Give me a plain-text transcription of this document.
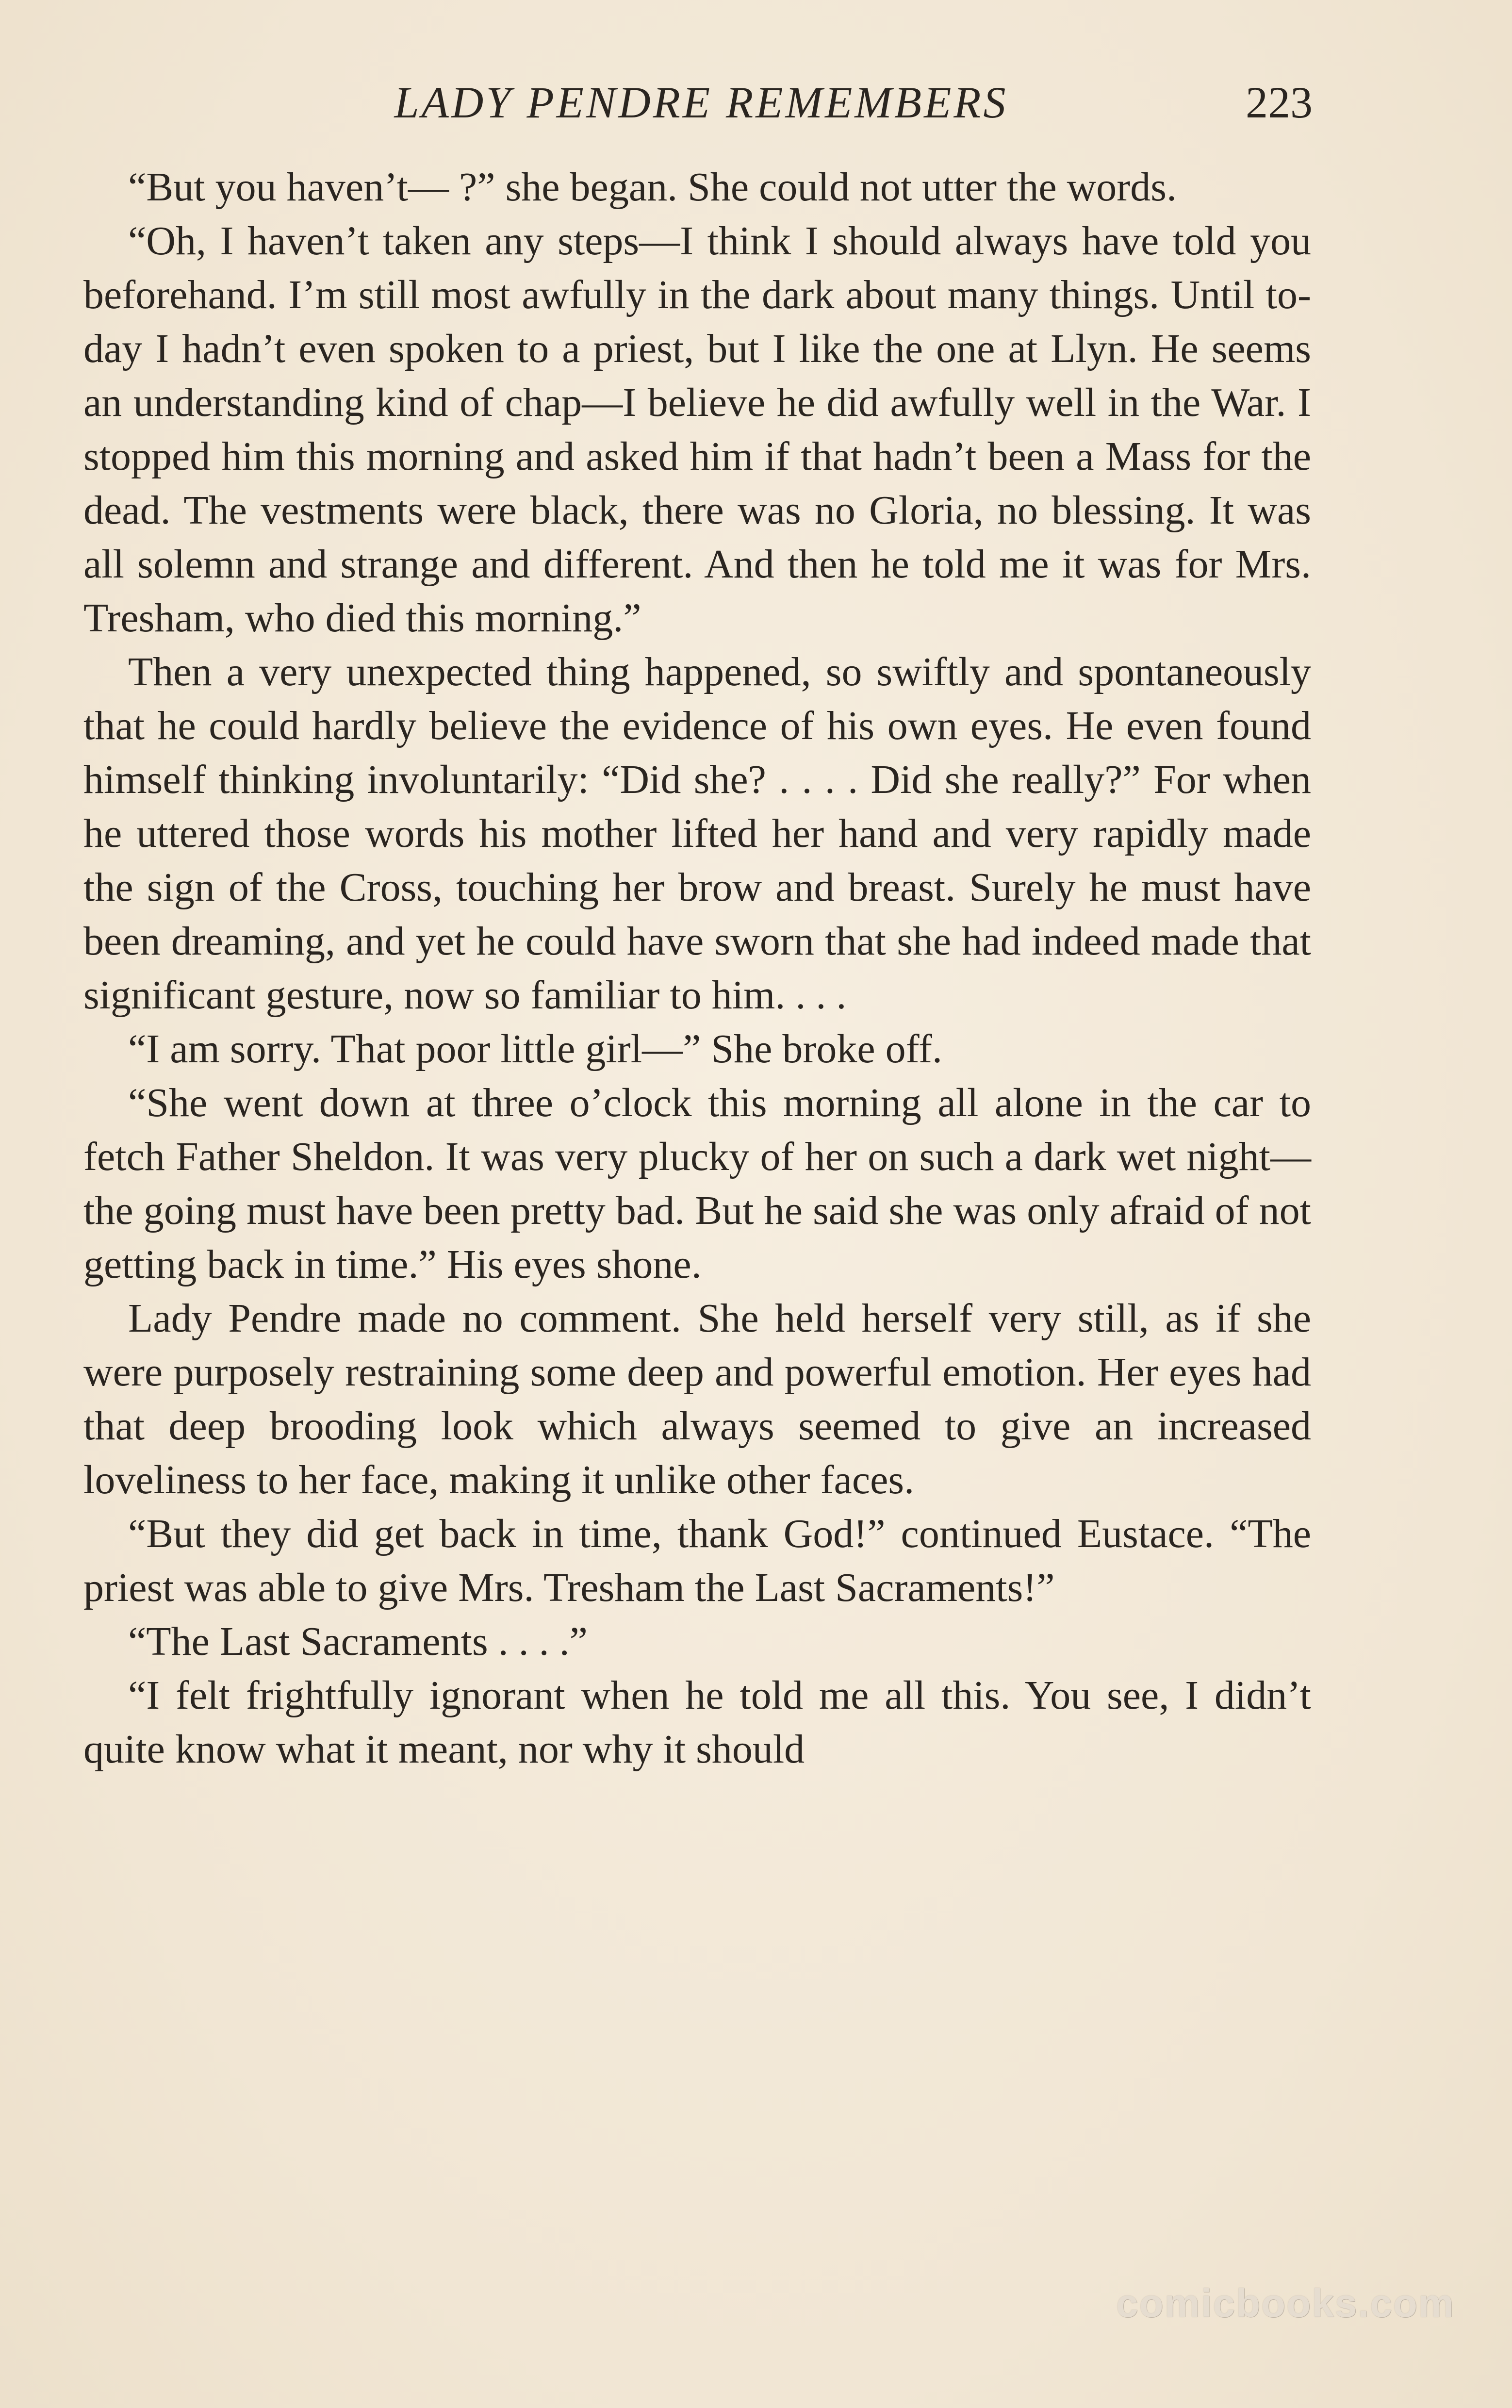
LADY PENDRE REMEMBERS	223

“But you haven’t— ?” she began. She could not utter the words.

“Oh, I haven’t taken any steps—I think I should always have told you beforehand. I’m still most awfully in the dark about many things. Until to-day I hadn’t even spoken to a priest, but I like the one at Llyn. He seems an understanding kind of chap—I believe he did awfully well in the War. I stopped him this morning and asked him if that hadn’t been a Mass for the dead. The vestments were black, there was no Gloria, no blessing. It was all solemn and strange and different. And then he told me it was for Mrs. Tresham, who died this morning.”

Then a very unexpected thing happened, so swiftly and spontaneously that he could hardly believe the evidence of his own eyes. He even found himself thinking involuntarily: “Did she? . . . . Did she really?” For when he uttered those words his mother lifted her hand and very rapidly made the sign of the Cross, touching her brow and breast. Surely he must have been dreaming, and yet he could have sworn that she had indeed made that significant gesture, now so familiar to him. . . .

“I am sorry. That poor little girl—” She broke off.

“She went down at three o’clock this morning all alone in the car to fetch Father Sheldon. It was very plucky of her on such a dark wet night—the going must have been pretty bad. But he said she was only afraid of not getting back in time.” His eyes shone.

Lady Pendre made no comment. She held herself very still, as if she were purposely restraining some deep and powerful emotion. Her eyes had that deep brooding look which always seemed to give an increased loveliness to her face, making it unlike other faces.

“But they did get back in time, thank God!” continued Eustace. “The priest was able to give Mrs. Tresham the Last Sacraments!”

“The Last Sacraments . . . .”

“I felt frightfully ignorant when he told me all this. You see, I didn’t quite know what it meant, nor why it should

comicbooks.com
